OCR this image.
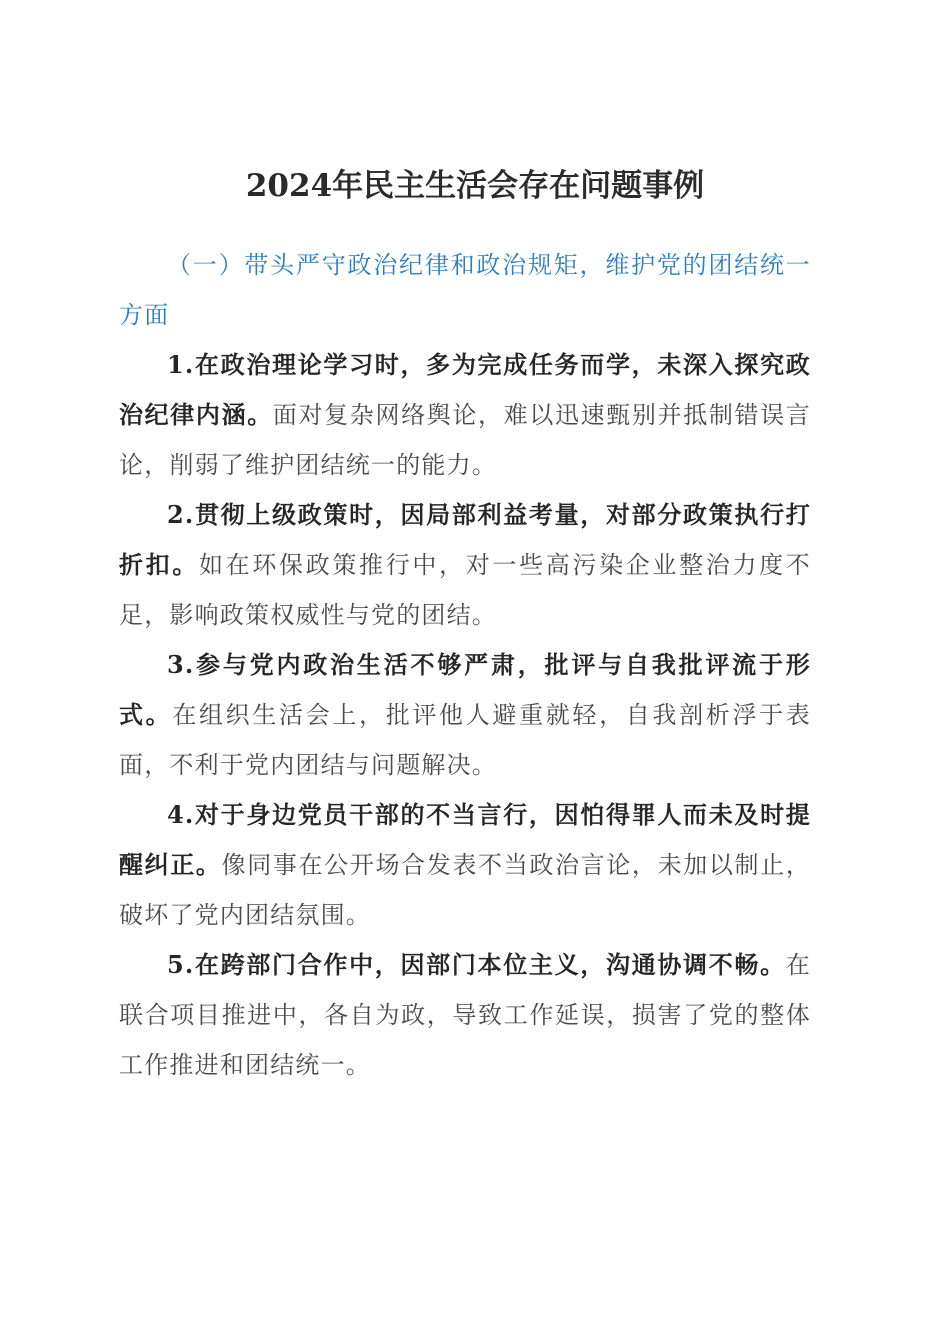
2024年民主生活会存在问题事例

（一）带头严守政治纪律和政治规矩，维护党的团结统一方面

1.在政治理论学习时，多为完成任务而学，未深入探究政治纪律内涵。面对复杂网络舆论，难以迅速甄别并抵制错误言论，削弱了维护团结统一的能力。

2.贯彻上级政策时，因局部利益考量，对部分政策执行打折扣。如在环保政策推行中，对一些高污染企业整治力度不足，影响政策权威性与党的团结。

3.参与党内政治生活不够严肃，批评与自我批评流于形式。在组织生活会上，批评他人避重就轻，自我剖析浮于表面，不利于党内团结与问题解决。

4.对于身边党员干部的不当言行，因怕得罪人而未及时提醒纠正。像同事在公开场合发表不当政治言论，未加以制止，破坏了党内团结氛围。

5.在跨部门合作中，因部门本位主义，沟通协调不畅。在联合项目推进中，各自为政，导致工作延误，损害了党的整体工作推进和团结统一。
